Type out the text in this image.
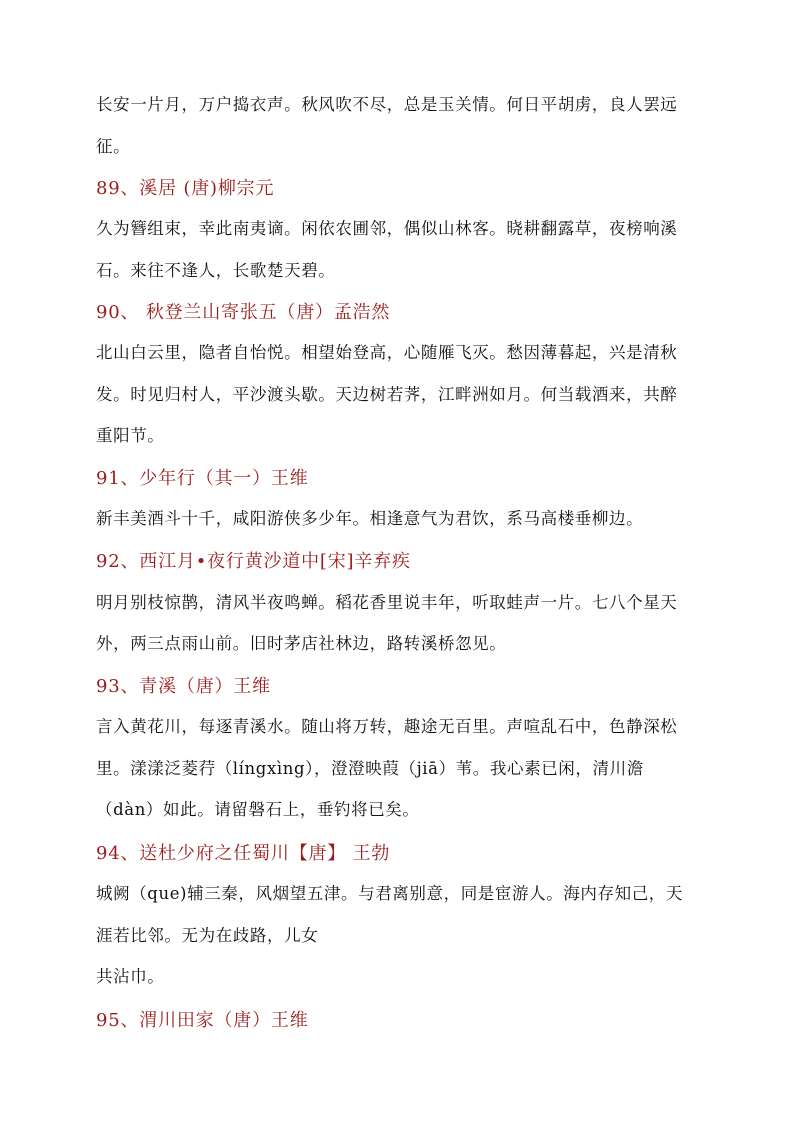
长安一片月，万户捣衣声。秋风吹不尽，总是玉关情。何日平胡虏，良人罢远
征。
89、溪居 (唐)柳宗元
久为簪组束，幸此南夷谪。闲依农圃邻，偶似山林客。晓耕翻露草，夜榜响溪
石。来往不逢人，长歌楚天碧。
90、 秋登兰山寄张五（唐）孟浩然
北山白云里，隐者自怡悦。相望始登高，心随雁飞灭。愁因薄暮起，兴是清秋
发。时见归村人，平沙渡头歇。天边树若荠，江畔洲如月。何当载酒来，共醉
重阳节。
91、少年行（其一）王维
新丰美酒斗十千，咸阳游侠多少年。相逢意气为君饮，系马高楼垂柳边。
92、西江月•夜行黄沙道中[宋]辛弃疾
明月别枝惊鹊，清风半夜鸣蝉。稻花香里说丰年，听取蛙声一片。七八个星天
外，两三点雨山前。旧时茅店社林边，路转溪桥忽见。
93、青溪（唐）王维
言入黄花川，每逐青溪水。随山将万转，趣途无百里。声喧乱石中，色静深松
里。漾漾泛菱荇（língxìng），澄澄映葭（jiā）苇。我心素已闲，清川澹
（dàn）如此。请留磐石上，垂钓将已矣。
94、送杜少府之任蜀川【唐】 王勃
城阙（que)辅三秦，风烟望五津。与君离别意，同是宦游人。海内存知己，天
涯若比邻。无为在歧路，儿女
共沾巾。
95、渭川田家（唐）王维
